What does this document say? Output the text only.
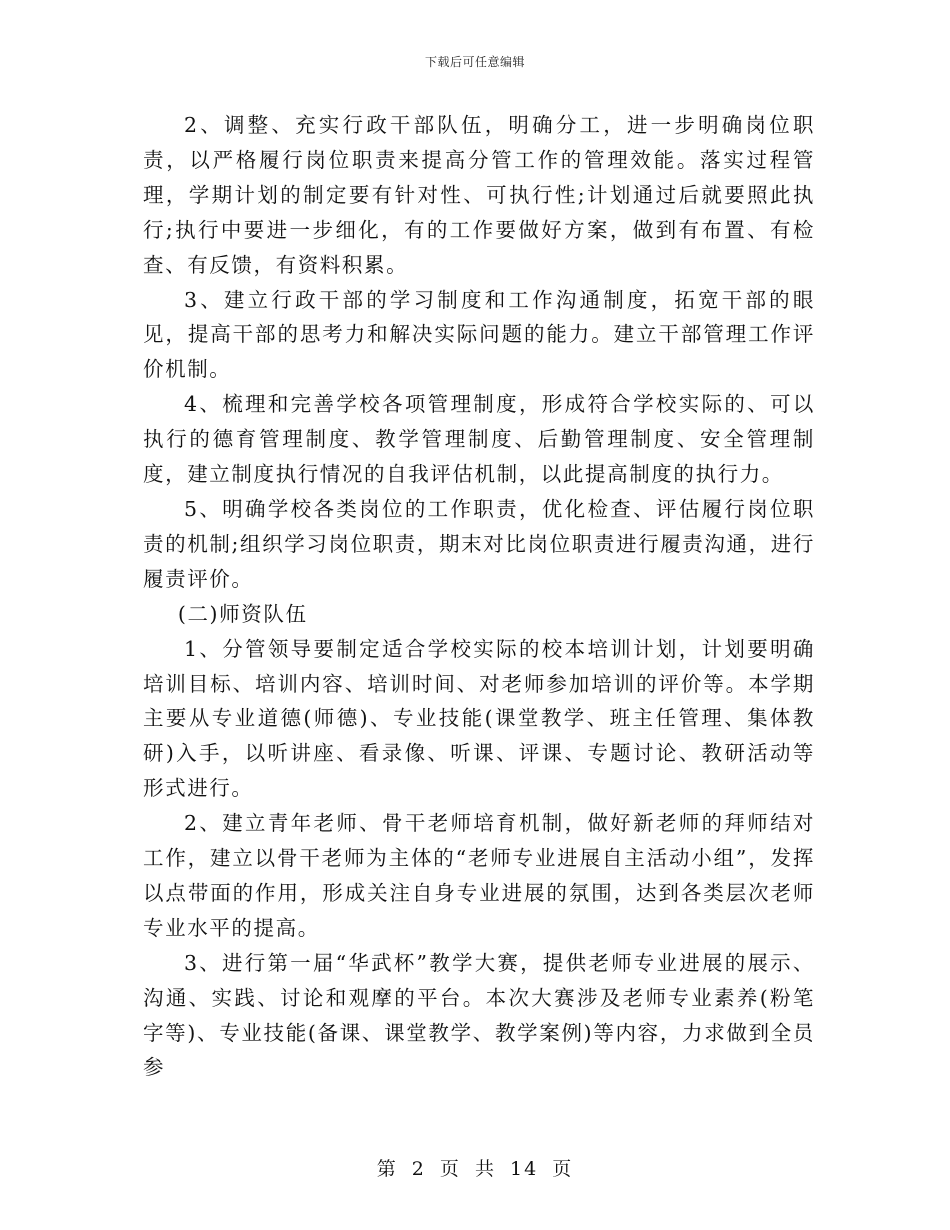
下载后可任意编辑

2、调整、充实行政干部队伍，明确分工，进一步明确岗位职责，以严格履行岗位职责来提高分管工作的管理效能。落实过程管理，学期计划的制定要有针对性、可执行性;计划通过后就要照此执行;执行中要进一步细化，有的工作要做好方案，做到有布置、有检查、有反馈，有资料积累。

3、建立行政干部的学习制度和工作沟通制度，拓宽干部的眼见，提高干部的思考力和解决实际问题的能力。建立干部管理工作评价机制。

4、梳理和完善学校各项管理制度，形成符合学校实际的、可以执行的德育管理制度、教学管理制度、后勤管理制度、安全管理制度，建立制度执行情况的自我评估机制，以此提高制度的执行力。

5、明确学校各类岗位的工作职责，优化检查、评估履行岗位职责的机制;组织学习岗位职责，期末对比岗位职责进行履责沟通，进行履责评价。

(二)师资队伍

1、分管领导要制定适合学校实际的校本培训计划，计划要明确培训目标、培训内容、培训时间、对老师参加培训的评价等。本学期主要从专业道德(师德)、专业技能(课堂教学、班主任管理、集体教研)入手，以听讲座、看录像、听课、评课、专题讨论、教研活动等形式进行。

2、建立青年老师、骨干老师培育机制，做好新老师的拜师结对工作，建立以骨干老师为主体的“老师专业进展自主活动小组”，发挥以点带面的作用，形成关注自身专业进展的氛围，达到各类层次老师专业水平的提高。

3、进行第一届“华武杯”教学大赛，提供老师专业进展的展示、沟通、实践、讨论和观摩的平台。本次大赛涉及老师专业素养(粉笔字等)、专业技能(备课、课堂教学、教学案例)等内容，力求做到全员参

第 2 页 共 14 页
